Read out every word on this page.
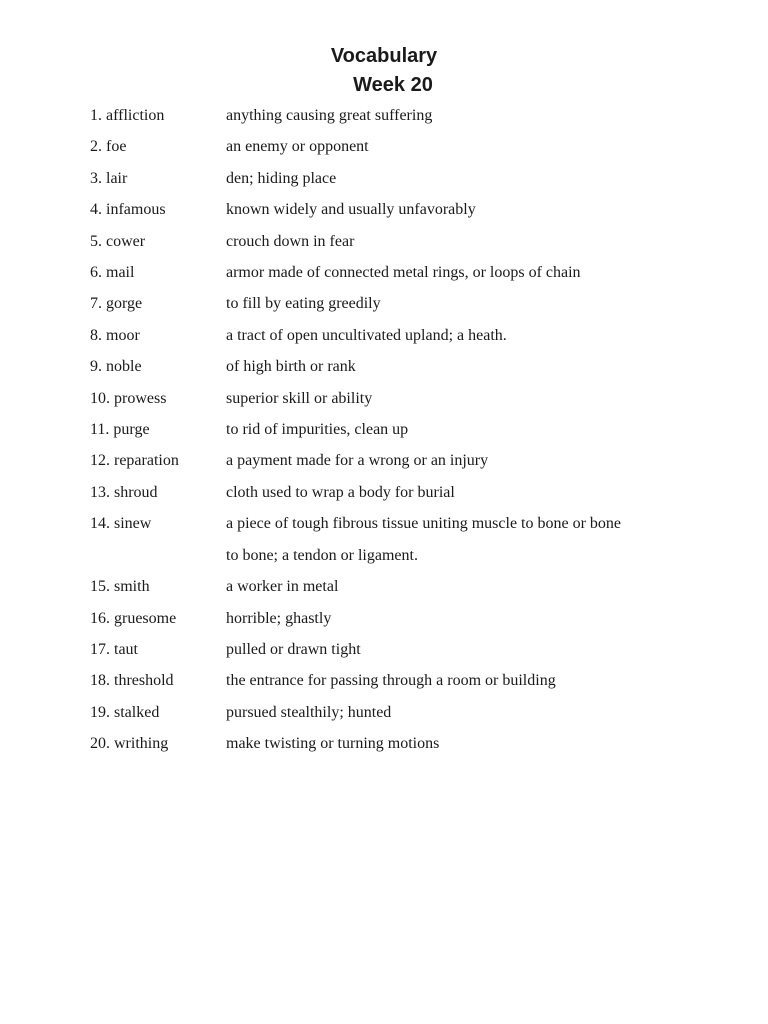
Vocabulary
Week 20
1. affliction	anything causing great suffering
2. foe	an enemy or opponent
3. lair	den; hiding place
4. infamous	known widely and usually unfavorably
5. cower	crouch down in fear
6. mail	armor made of connected metal rings, or loops of chain
7. gorge	to fill by eating greedily
8. moor	a tract of open uncultivated upland; a heath.
9. noble	of high birth or rank
10. prowess	superior skill or ability
11. purge	to rid of impurities, clean up
12. reparation	a payment made for a wrong or an injury
13. shroud	cloth used to wrap a body for burial
14. sinew	a piece of tough fibrous tissue uniting muscle to bone or bone
to bone; a tendon or ligament.
15. smith	a worker in metal
16. gruesome	horrible; ghastly
17. taut	pulled or drawn tight
18. threshold	the entrance for passing through a room or building
19. stalked	pursued stealthily; hunted
20. writhing	make twisting or turning motions
